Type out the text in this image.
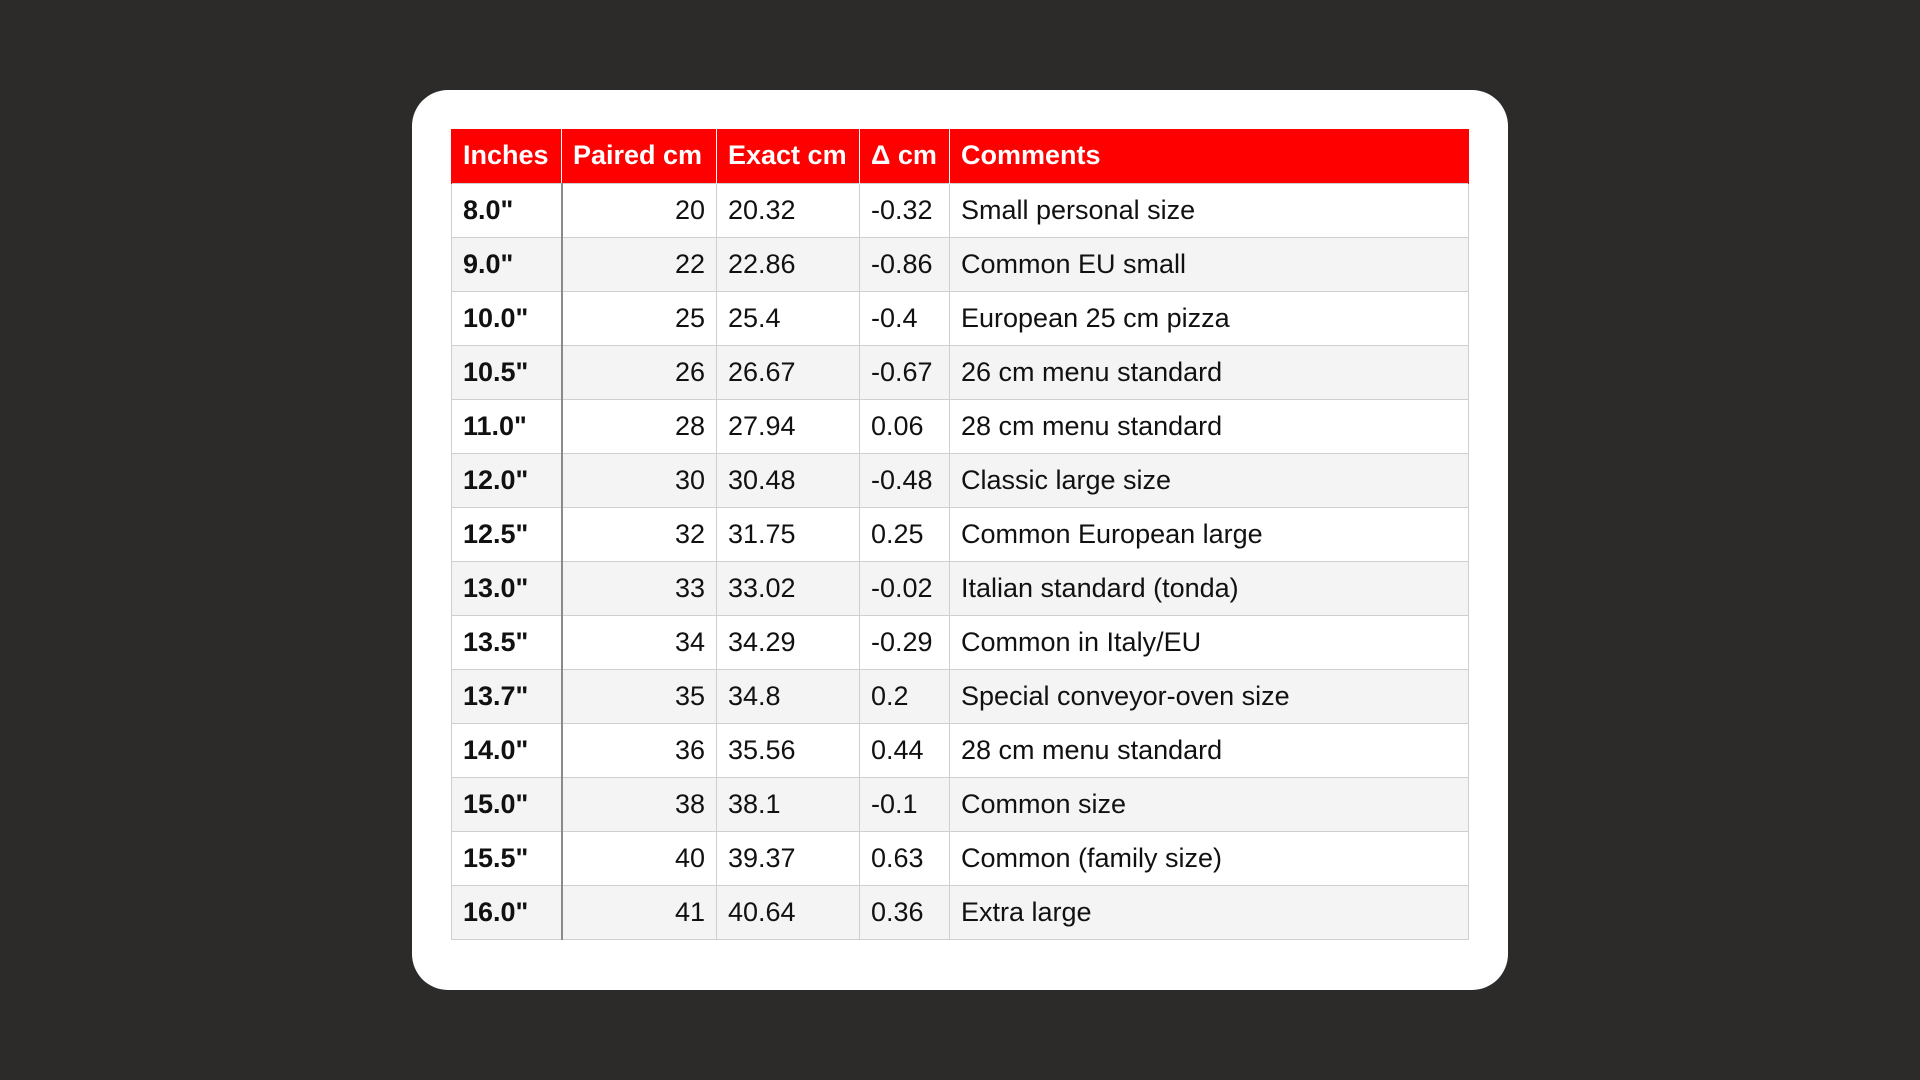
Inches	Paired cm	Exact cm	Δ cm	Comments
8.0"	20	20.32	-0.32	Small personal size
9.0"	22	22.86	-0.86	Common EU small
10.0"	25	25.4	-0.4	European 25 cm pizza
10.5"	26	26.67	-0.67	26 cm menu standard
11.0"	28	27.94	0.06	28 cm menu standard
12.0"	30	30.48	-0.48	Classic large size
12.5"	32	31.75	0.25	Common European large
13.0"	33	33.02	-0.02	Italian standard (tonda)
13.5"	34	34.29	-0.29	Common in Italy/EU
13.7"	35	34.8	0.2	Special conveyor-oven size
14.0"	36	35.56	0.44	28 cm menu standard
15.0"	38	38.1	-0.1	Common size
15.5"	40	39.37	0.63	Common (family size)
16.0"	41	40.64	0.36	Extra large
